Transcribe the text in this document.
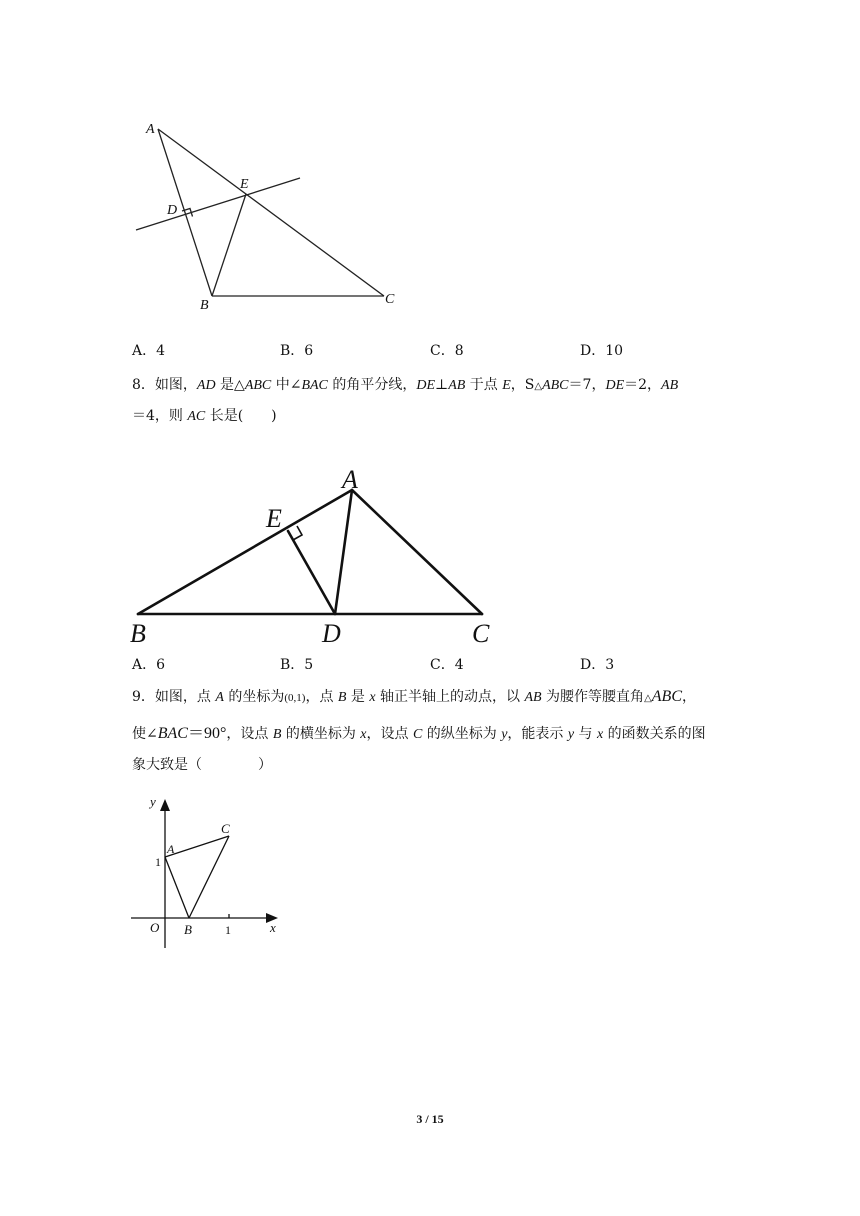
A
E
D
B	C
A．4	B．6	C．8	D．10
8．如图，AD 是△ABC 中∠BAC 的角平分线，DE⊥AB 于点 E，S△ABC＝7，DE＝2，AB
＝4，则 AC 长是(　　)
A
E
B	D	C
A．6	B．5	C．4	D．3
9．如图，点 A 的坐标为(0,1)，点 B 是 x 轴正半轴上的动点，以 AB 为腰作等腰直角△ABC，
使∠BAC＝90°，设点 B 的横坐标为 x，设点 C 的纵坐标为 y，能表示 y 与 x 的函数关系的图
象大致是（　　　　）
y
x
O
A
B
C
1
1
3 / 15
